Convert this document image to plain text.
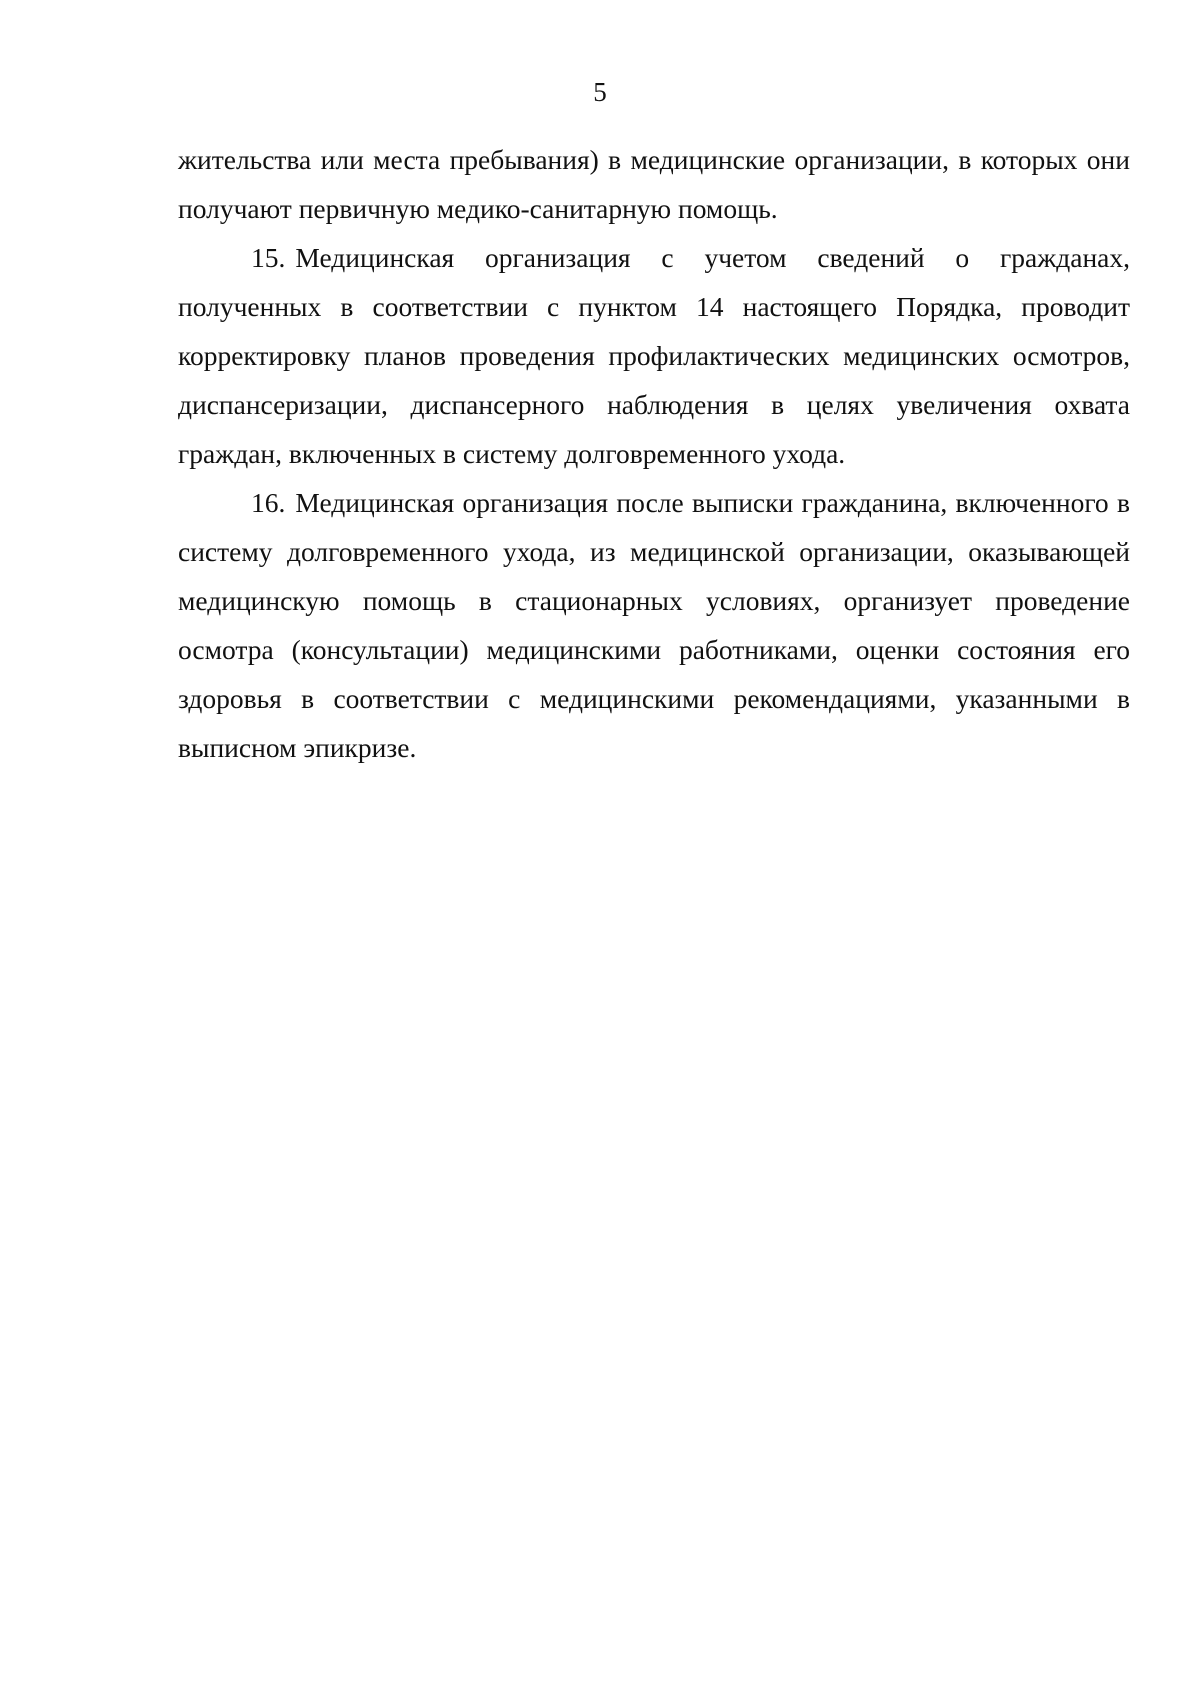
5

жительства или места пребывания) в медицинские организации, в которых они получают первичную медико-санитарную помощь.

15. Медицинская организация с учетом сведений о гражданах, полученных в соответствии с пунктом 14 настоящего Порядка, проводит корректировку планов проведения профилактических медицинских осмотров, диспансеризации, диспансерного наблюдения в целях увеличения охвата граждан, включенных в систему долговременного ухода.

16. Медицинская организация после выписки гражданина, включенного в систему долговременного ухода, из медицинской организации, оказывающей медицинскую помощь в стационарных условиях, организует проведение осмотра (консультации) медицинскими работниками, оценки состояния его здоровья в соответствии с медицинскими рекомендациями, указанными в выписном эпикризе.
